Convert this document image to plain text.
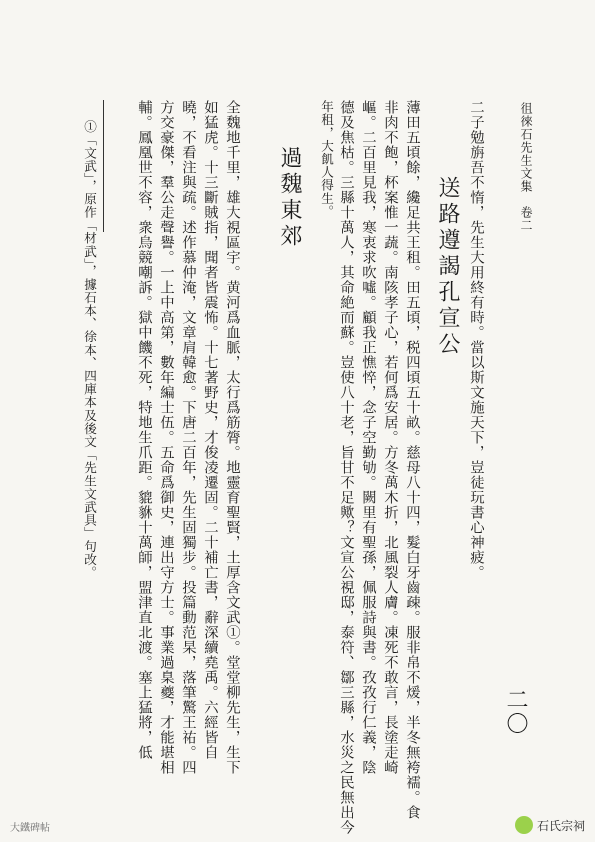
徂徠石先生文集　卷二
二〇
二子勉旃吾不惰，先生大用終有時。當以斯文施天下，豈徒玩書心神疲。
送路遵謁孔宣公
薄田五頃餘，纔足共王租。田五頃，税四頃五十畝。慈母八十四，髮白牙齒疎。服非帛不煖，半冬無袴襦。食
非肉不飽，杯案惟一蔬。南陔孝子心，若何爲安居。方冬萬木折，北風裂人膚。凍死不敢言，長塗走崎
嶇。二百里見我，寒衷求吹噓。顧我正憔悴，念子空勤劬。闕里有聖孫，佩服詩與書。孜孜行仁義，陰
德及焦枯。三縣十萬人，其命絶而蘇。豈使八十老，旨甘不足歟？文宣公視邸，泰符、鄒三縣，水災之民無出今
年租，大飢人得生。
過魏東郊
全魏地千里，雄大視區宇。黄河爲血脈，太行爲筋膂。地靈育聖賢，土厚含文武①。堂堂柳先生，生下
如猛虎。十三斷賊指，聞者皆震怖。十七著野史，才俊凌遷固。二十補亡書，辭深續堯禹。六經皆自
曉，不看注與疏。述作慕仲淹，文章肩韓愈。下唐二百年，先生固獨步。投篇動范杲，落筆驚王祐。四
方交豪傑，羣公走聲譽。一上中高第，數年編士伍。五命爲御史，連出守方士。事業過臬夔，才能堪相
輔。鳳凰世不容，衆烏競嘲訴。獄中饑不死，特地生爪距。貔貅十萬師，盟津直北渡。塞上猛將，低
①「文武」，原作「材武」，據石本、徐本、四庫本及後文「先生文武具」句改。
大鐵碑帖	石氏宗祠
